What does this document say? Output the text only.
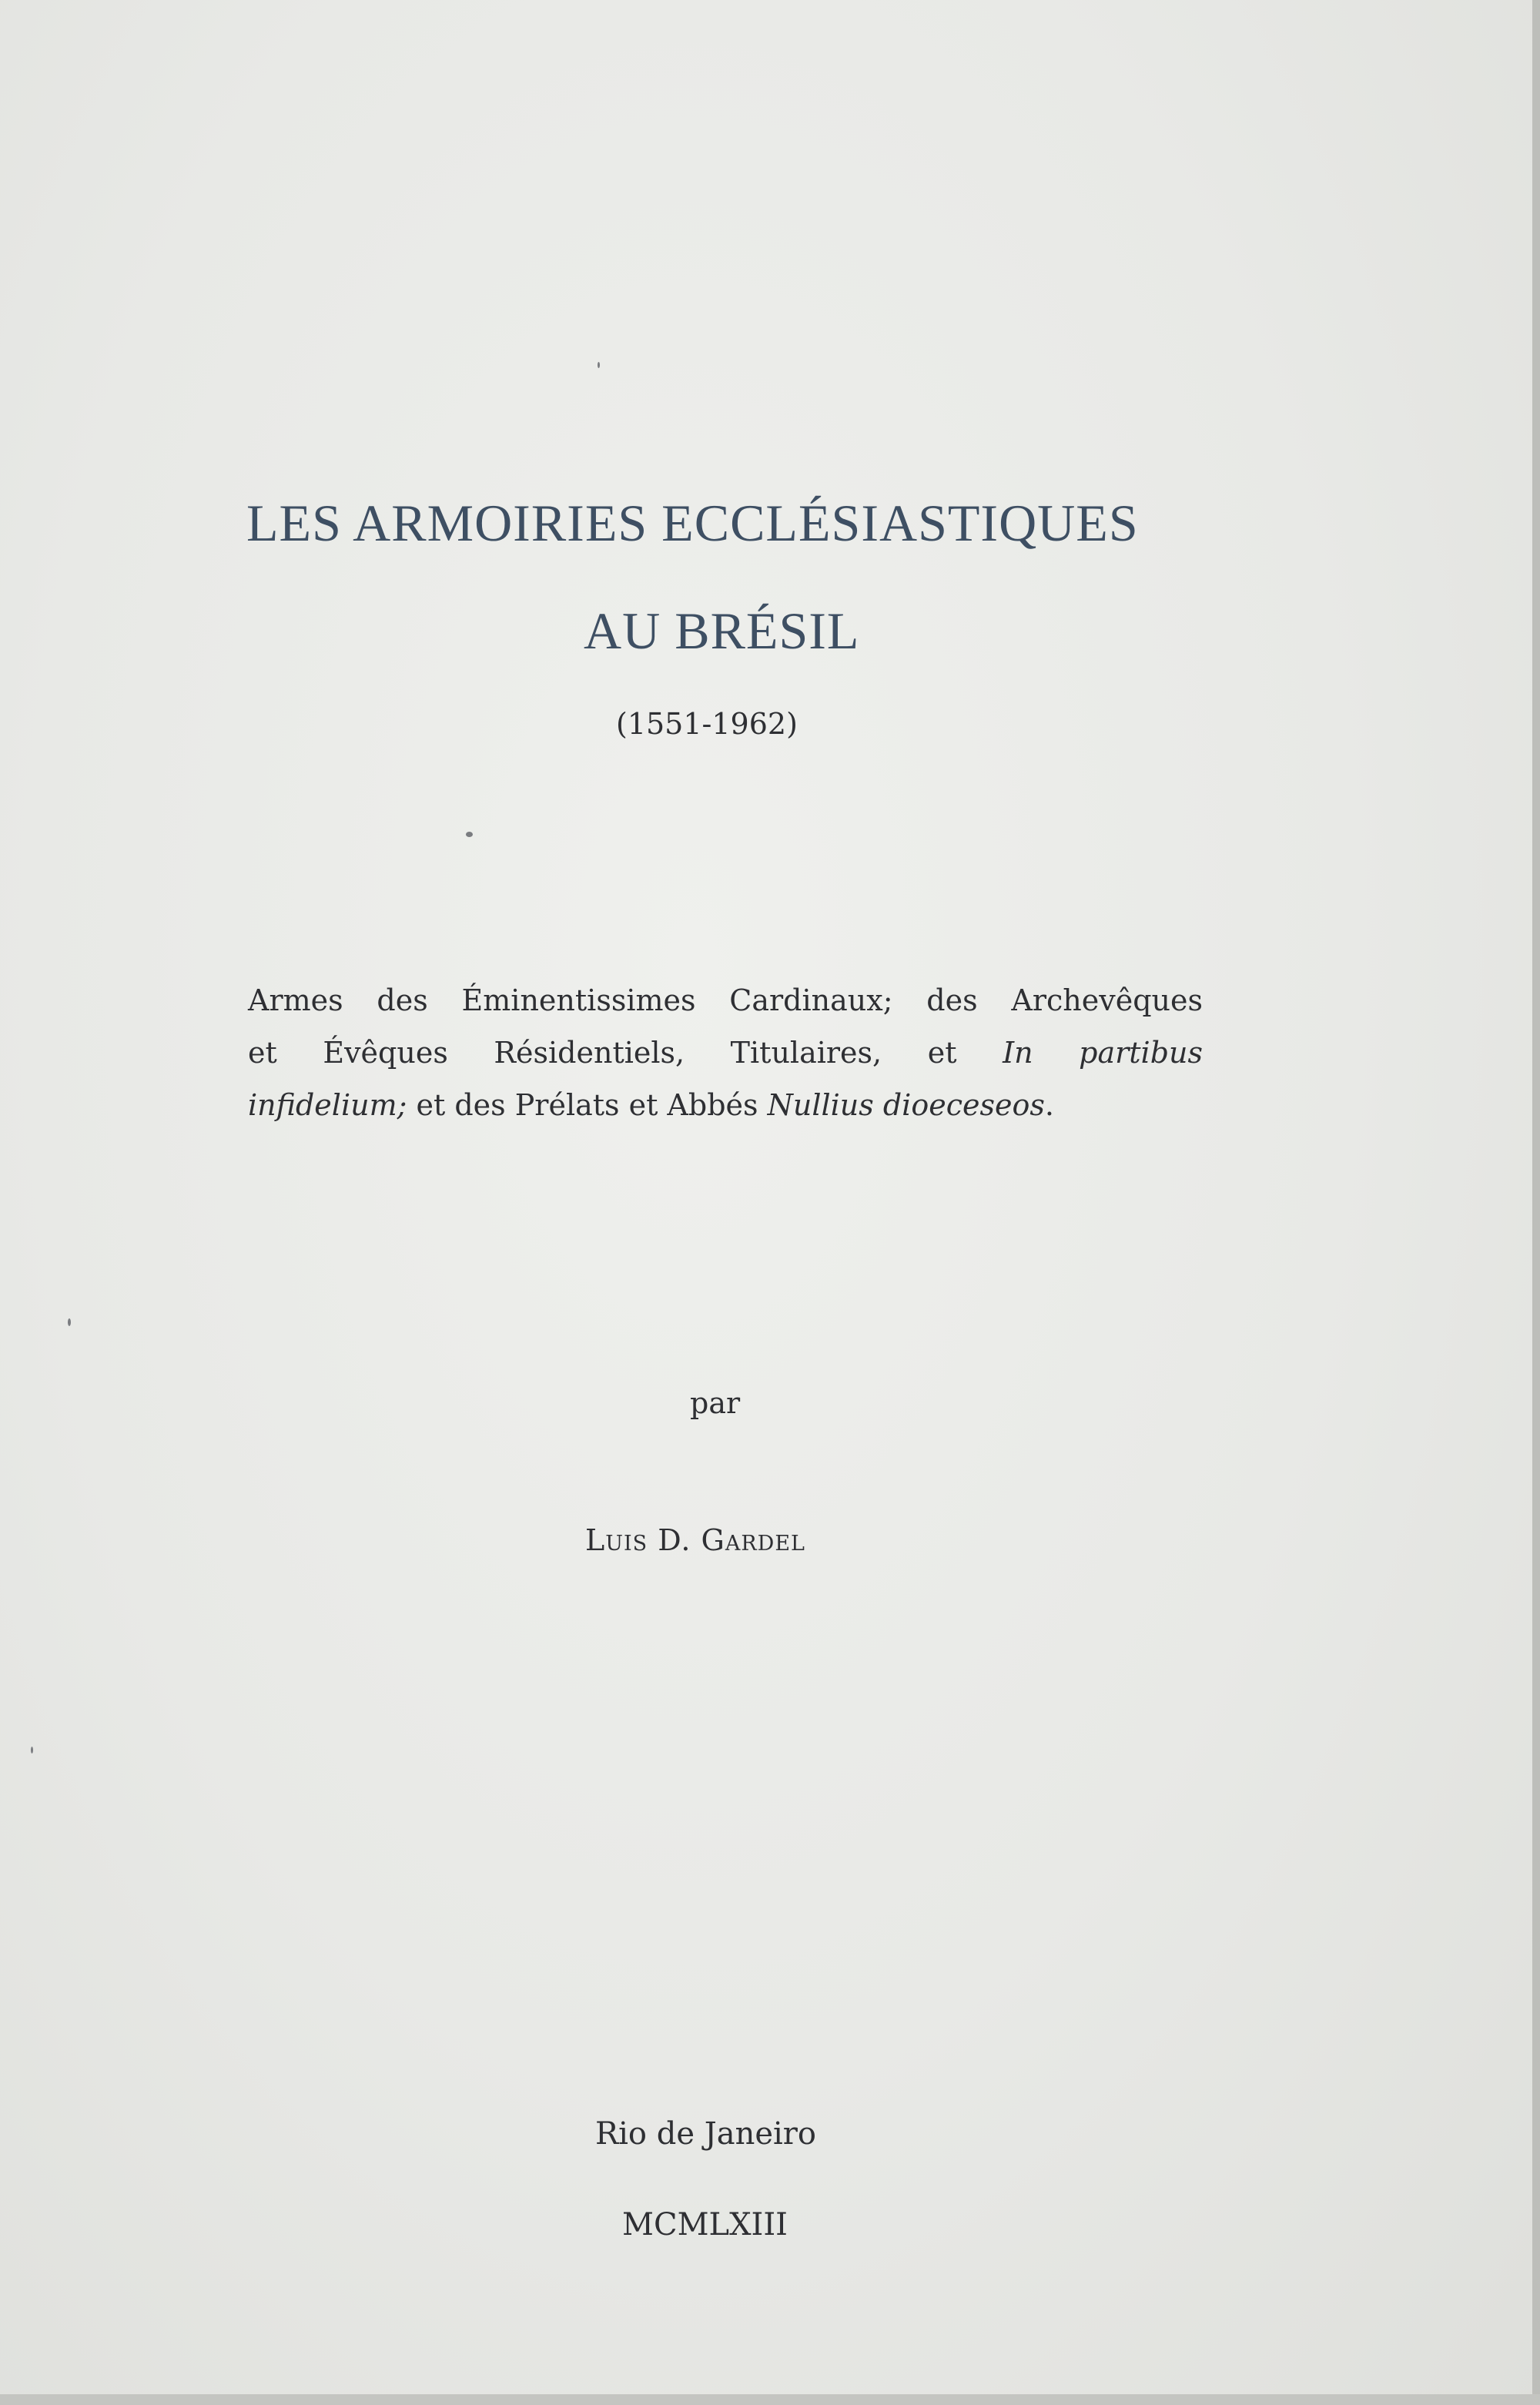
LES ARMOIRIES ECCLÉSIASTIQUES
AU BRÉSIL
(1551-1962)
Armes des Éminentissimes Cardinaux; des Archevêques
et Évêques Résidentiels, Titulaires, et In partibus
infidelium; et des Prélats et Abbés Nullius dioeceseos.
par
Luis D. Gardel
Rio de Janeiro
MCMLXIII
